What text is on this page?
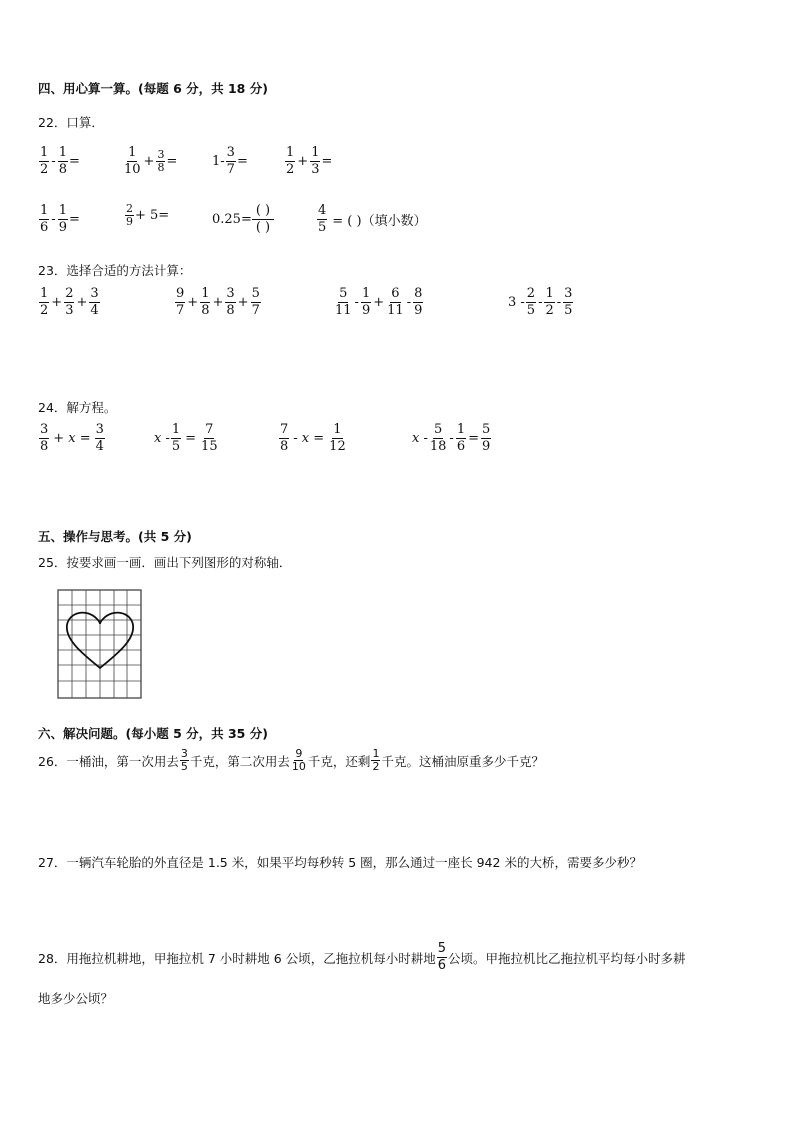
四、用心算一算。(每题 6 分，共 18 分)
22．口算．
$\frac{1}{2} - \frac{1}{8}$ =	$\frac{1}{10} + \frac{3}{8}$ =	$1- \frac{3}{7}$ =	$\frac{1}{2} + \frac{1}{3}$ =
$\frac{1}{6} - \frac{1}{9}$ =	$\frac{2}{9} + 5=$	$0.25= \frac{( )}{( )}$	$\frac{4}{5}$ = ( )（填小数）
23．选择合适的方法计算：
$\frac{1}{2} + \frac{2}{3} + \frac{3}{4}$	$\frac{9}{7} + \frac{1}{8} + \frac{3}{8} + \frac{5}{7}$	$\frac{5}{11} - \frac{1}{9} + \frac{6}{11} - \frac{8}{9}$	$3 - \frac{2}{5} - \frac{1}{2} - \frac{3}{5}$
24．解方程。
$\frac{3}{8} + x = \frac{3}{4}$	$x - \frac{1}{5} = \frac{7}{15}$	$\frac{7}{8} - x = \frac{1}{12}$	$x - \frac{5}{18} - \frac{1}{6} = \frac{5}{9}$
五、操作与思考。(共 5 分)
25．按要求画一画．画出下列图形的对称轴．
六、解决问题。(每小题 5 分，共 35 分)
26．一桶油，第一次用去 $\frac{3}{5}$ 千克，第二次用去 $\frac{9}{10}$ 千克，还剩 $\frac{1}{2}$ 千克。这桶油原重多少千克？
27．一辆汽车轮胎的外直径是 1.5 米，如果平均每秒转 5 圈，那么通过一座长 942 米的大桥，需要多少秒？
28．用拖拉机耕地，甲拖拉机 7 小时耕地 6 公顷，乙拖拉机每小时耕地 $\frac{5}{6}$ 公顷。甲拖拉机比乙拖拉机平均每小时多耕
地多少公顷？
